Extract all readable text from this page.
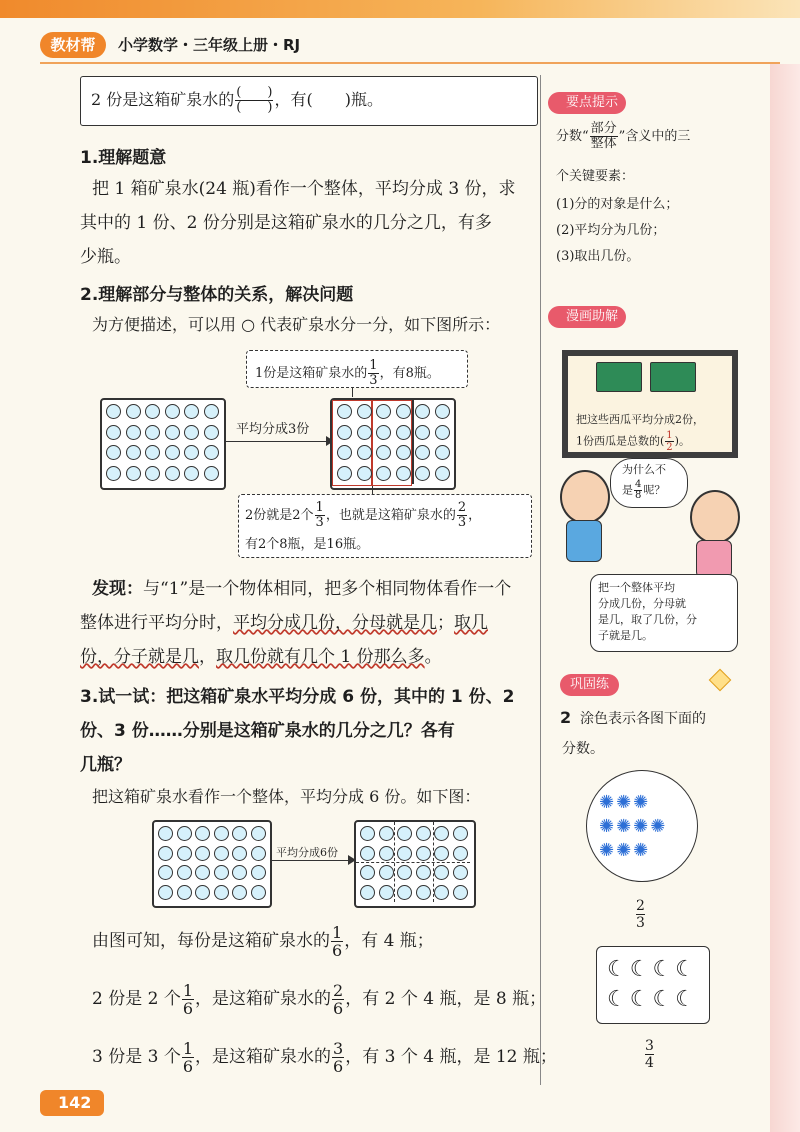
教材帮	小学数学・三年级上册・RJ
2 份是这箱矿泉水的 $\frac{( )}{( )}$ ，有(　　 )瓶。
1.理解题意
把 1 箱矿泉水(24 瓶)看作一个整体，平均分成 3 份，求
其中的 1 份、2 份分别是这箱矿泉水的几分之几，有多
少瓶。
2.理解部分与整体的关系，解决问题
为方便描述，可以用 ○ 代表矿泉水分一分，如下图所示：
平均分成3份
1份是这箱矿泉水的 $\frac{1}{3}$ ，有8瓶。
2份就是2个 $\frac{1}{3}$ ，也就是这箱矿泉水的 $\frac{2}{3}$ ，
有2个8瓶，是16瓶。
发现：与“1”是一个物体相同，把多个相同物体看作一个
整体进行平均分时，平均分成几份，分母就是几；取几
份，分子就是几，取几份就有几个 1 份那么多。
3.试一试：把这箱矿泉水平均分成 6 份，其中的 1 份、2
份、3 份……分别是这箱矿泉水的几分之几？各有
几瓶？
把这箱矿泉水看作一个整体，平均分成 6 份。如下图：
平均分成6份
由图可知，每份是这箱矿泉水的 $\frac{1}{6}$ ，有 4 瓶；
2 份是 2 个 $\frac{1}{6}$ ，是这箱矿泉水的 $\frac{2}{6}$ ，有 2 个 4 瓶，是 8 瓶；
3 份是 3 个 $\frac{1}{6}$ ，是这箱矿泉水的 $\frac{3}{6}$ ，有 3 个 4 瓶，是 12 瓶；
142
要点提示
分数“ $\frac{\text{部分}}{\text{整体}}$ ”含义中的三
个关键要素：
(1)分的对象是什么；
(2)平均分为几份；
(3)取出几份。
漫画助解
把这些西瓜平均分成2份，
1份西瓜是总数的( $\frac{1}{2}$ )。
为什么不
是 $\frac{4}{8}$ 呢？
把一个整体平均
分成几份，分母就
是几，取了几份，分
子就是几。
巩固练
2 涂色表示各图下面的
分数。
✺✺✺
✺✺✺✺
✺✺✺
$\frac{2}{3}$
☾☾☾☾
☾☾☾☾
$\frac{3}{4}$
